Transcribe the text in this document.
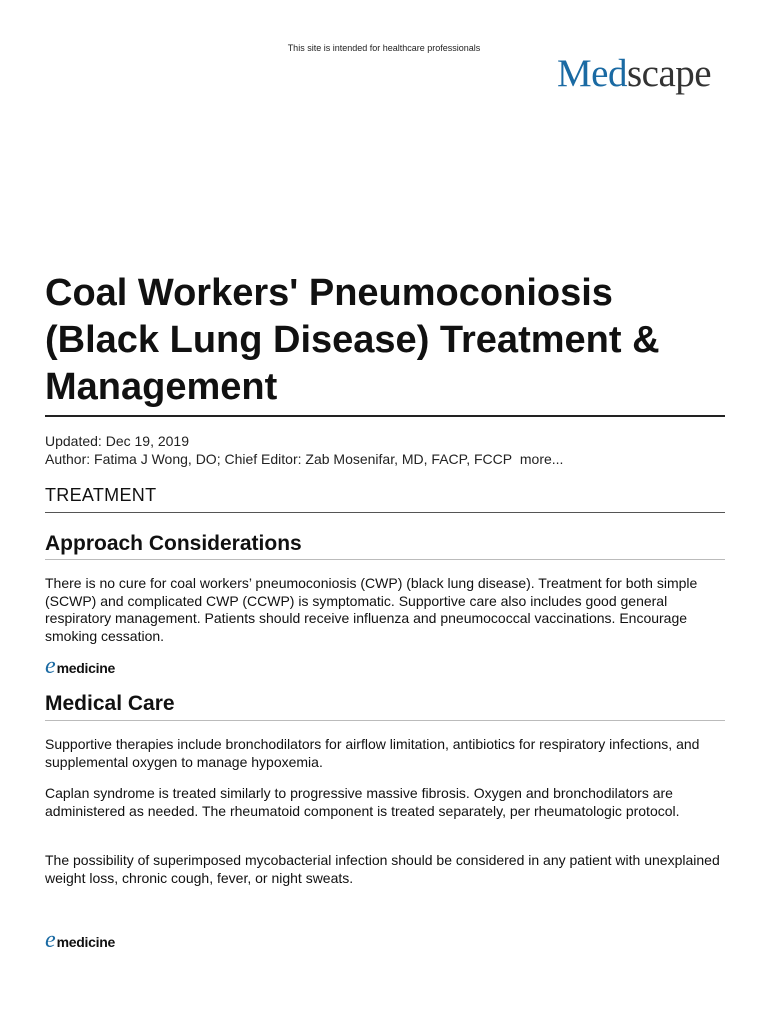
This site is intended for healthcare professionals
Medscape
Coal Workers' Pneumoconiosis (Black Lung Disease) Treatment & Management
Updated: Dec 19, 2019
Author: Fatima J Wong, DO; Chief Editor: Zab Mosenifar, MD, FACP, FCCP more...
TREATMENT
Approach Considerations

There is no cure for coal workers’ pneumoconiosis (CWP) (black lung disease). Treatment for both simple (SCWP) and complicated CWP (CCWP) is symptomatic. Supportive care also includes good general respiratory management. Patients should receive influenza and pneumococcal vaccinations. Encourage smoking cessation.

e medicine
Medical Care

Supportive therapies include bronchodilators for airflow limitation, antibiotics for respiratory infections, and supplemental oxygen to manage hypoxemia.

Caplan syndrome is treated similarly to progressive massive fibrosis. Oxygen and bronchodilators are administered as needed. The rheumatoid component is treated separately, per rheumatologic protocol.

The possibility of superimposed mycobacterial infection should be considered in any patient with unexplained weight loss, chronic cough, fever, or night sweats.

e medicine
